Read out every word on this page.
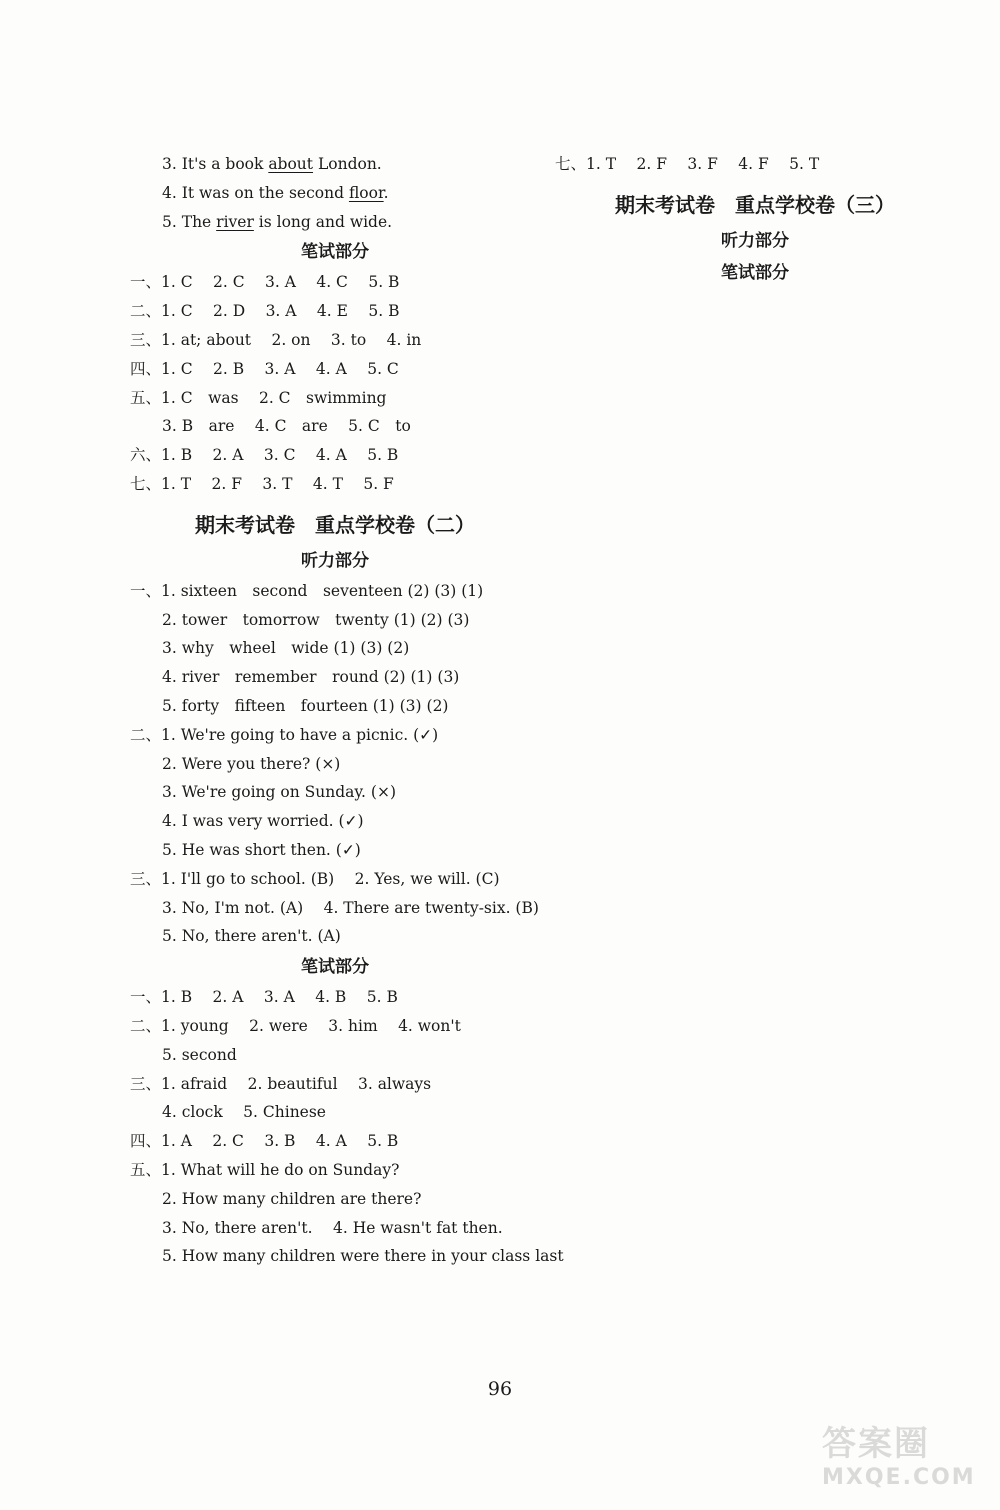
3. It's a book about London.
4. It was on the second floor.
5. The river is long and wide.
笔试部分
一、1. C　 2. C　 3. A　 4. C　 5. B
二、1. C　 2. D　 3. A　 4. E　 5. B
三、1. at; about　 2. on　 3. to　 4. in
四、1. C　 2. B　 3. A　 4. A　 5. C
五、1. C　was　 2. C　swimming
3. B　are　 4. C　are　 5. C　to
六、1. B　 2. A　 3. C　 4. A　 5. B
七、1. T　 2. F　 3. T　 4. T　 5. F
期末考试卷　重点学校卷（二）
听力部分
一、1. sixteen　second　seventeen (2) (3) (1)
2. tower　tomorrow　twenty (1) (2) (3)
3. why　wheel　wide (1) (3) (2)
4. river　remember　round (2) (1) (3)
5. forty　fifteen　fourteen (1) (3) (2)
二、1. We're going to have a picnic. (✓)
2. Were you there? (×)
3. We're going on Sunday. (×)
4. I was very worried. (✓)
5. He was short then. (✓)
三、1. I'll go to school. (B)　 2. Yes, we will. (C)
3. No, I'm not. (A)　 4. There are twenty-six. (B)
5. No, there aren't. (A)
笔试部分
一、1. B　 2. A　 3. A　 4. B　 5. B
二、1. young　 2. were　 3. him　 4. won't
5. second
三、1. afraid　 2. beautiful　 3. always
4. clock　 5. Chinese
四、1. A　 2. C　 3. B　 4. A　 5. B
五、1. What will he do on Sunday?
2. How many children are there?
3. No, there aren't.　 4. He wasn't fat then.
5. How many children were there in your class last
七、1. T　 2. F　 3. F　 4. F　 5. T
期末考试卷　重点学校卷（三）
听力部分
笔试部分
96
答案圈
MXQE.COM
